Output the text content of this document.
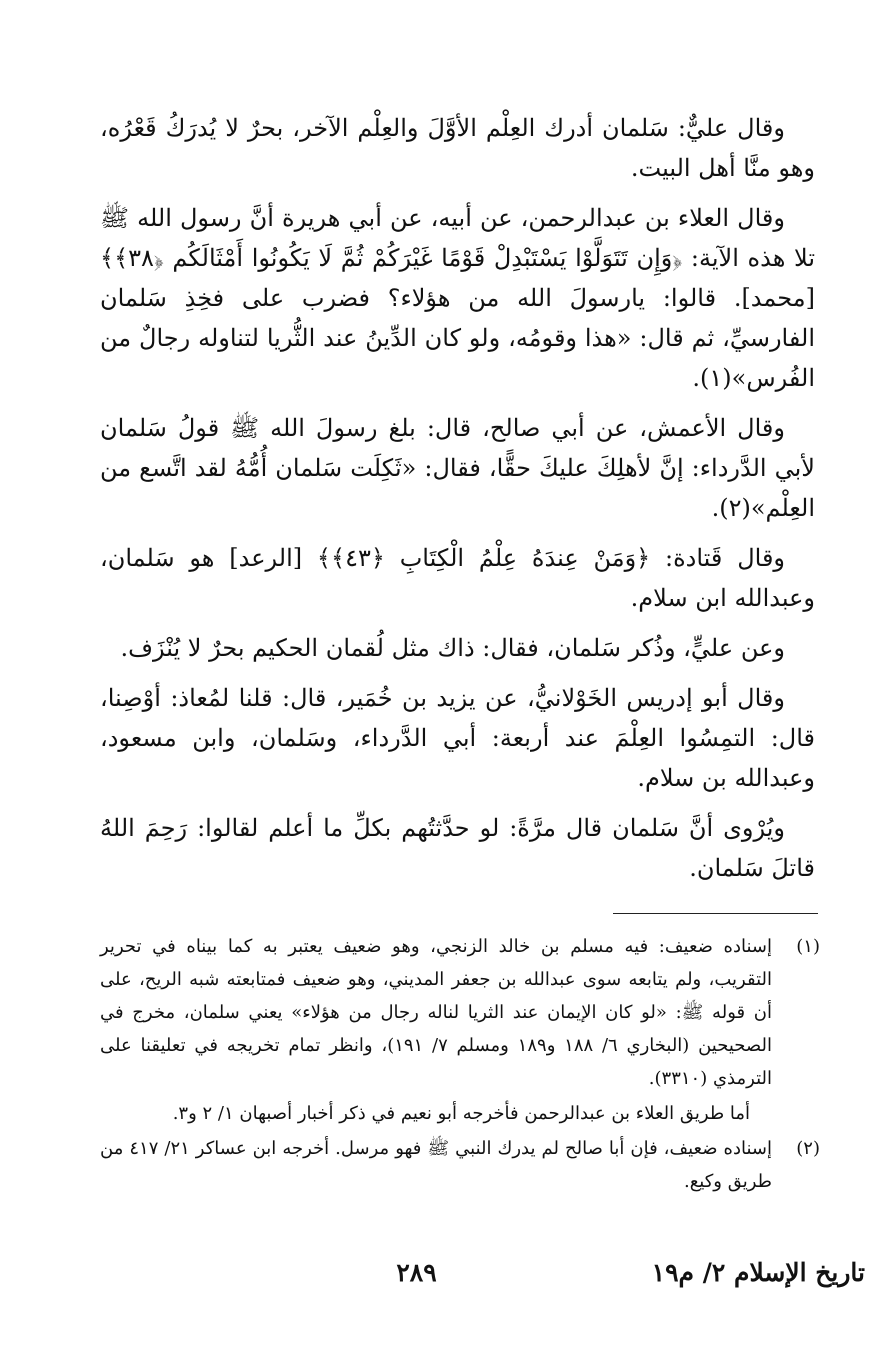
وقال عليٌّ: سَلمان أدرك العِلْم الأوَّلَ والعِلْم الآخر، بحرٌ لا يُدرَكُ قَعْرُه، وهو منَّا أهل البيت.

وقال العلاء بن عبدالرحمن، عن أبيه، عن أبي هريرة أنَّ رسول الله ﷺ تلا هذه الآية: ﴿وَإِن تَتَوَلَّوْا يَسْتَبْدِلْ قَوْمًا غَيْرَكُمْ ثُمَّ لَا يَكُونُوا أَمْثَالَكُم ﴿٣٨﴾﴾ [محمد]. قالوا: يارسولَ الله من هؤلاء؟ فضرب على فخِذِ سَلمان الفارسيِّ، ثم قال: «هذا وقومُه، ولو كان الدِّينُ عند الثُّريا لتناوله رجالٌ من الفُرس»(١).

وقال الأعمش، عن أبي صالح، قال: بلغ رسولَ الله ﷺ قولُ سَلمان لأبي الدَّرداء: إنَّ لأهلِكَ عليكَ حقًّا، فقال: «ثَكِلَت سَلمان أُمُّهُ لقد اتَّسع من العِلْم»(٢).

وقال قَتادة: ﴿وَمَنْ عِندَهُ عِلْمُ الْكِتَابِ ﴿٤٣﴾﴾ [الرعد] هو سَلمان، وعبدالله ابن سلام.

وعن عليٍّ، وذُكر سَلمان، فقال: ذاك مثل لُقمان الحكيم بحرٌ لا يُنْزَف.

وقال أبو إدريس الخَوْلانيُّ، عن يزيد بن خُمَير، قال: قلنا لمُعاذ: أوْصِنا، قال: التمِسُوا العِلْمَ عند أربعة: أبي الدَّرداء، وسَلمان، وابن مسعود، وعبدالله بن سلام.

ويُرْوى أنَّ سَلمان قال مرَّةً: لو حدَّثتُهم بكلِّ ما أعلم لقالوا: رَحِمَ اللهُ قاتلَ سَلمان.

(١)
إسناده ضعيف: فيه مسلم بن خالد الزنجي، وهو ضعيف يعتبر به كما بيناه في تحرير التقريب، ولم يتابعه سوى عبدالله بن جعفر المديني، وهو ضعيف فمتابعته شبه الريح، على أن قوله ﷺ: «لو كان الإيمان عند الثريا لناله رجال من هؤلاء» يعني سلمان، مخرج في الصحيحين (البخاري ٦/ ١٨٨ و١٨٩ ومسلم ٧/ ١٩١)، وانظر تمام تخريجه في تعليقنا على الترمذي (٣٣١٠).
أما طريق العلاء بن عبدالرحمن فأخرجه أبو نعيم في ذكر أخبار أصبهان ١/ ٢ و٣.
(٢)
إسناده ضعيف، فإن أبا صالح لم يدرك النبي ﷺ فهو مرسل. أخرجه ابن عساكر ٢١/ ٤١٧ من طريق وكيع.
تاريخ الإسلام ٢/ م١٩
٢٨٩
